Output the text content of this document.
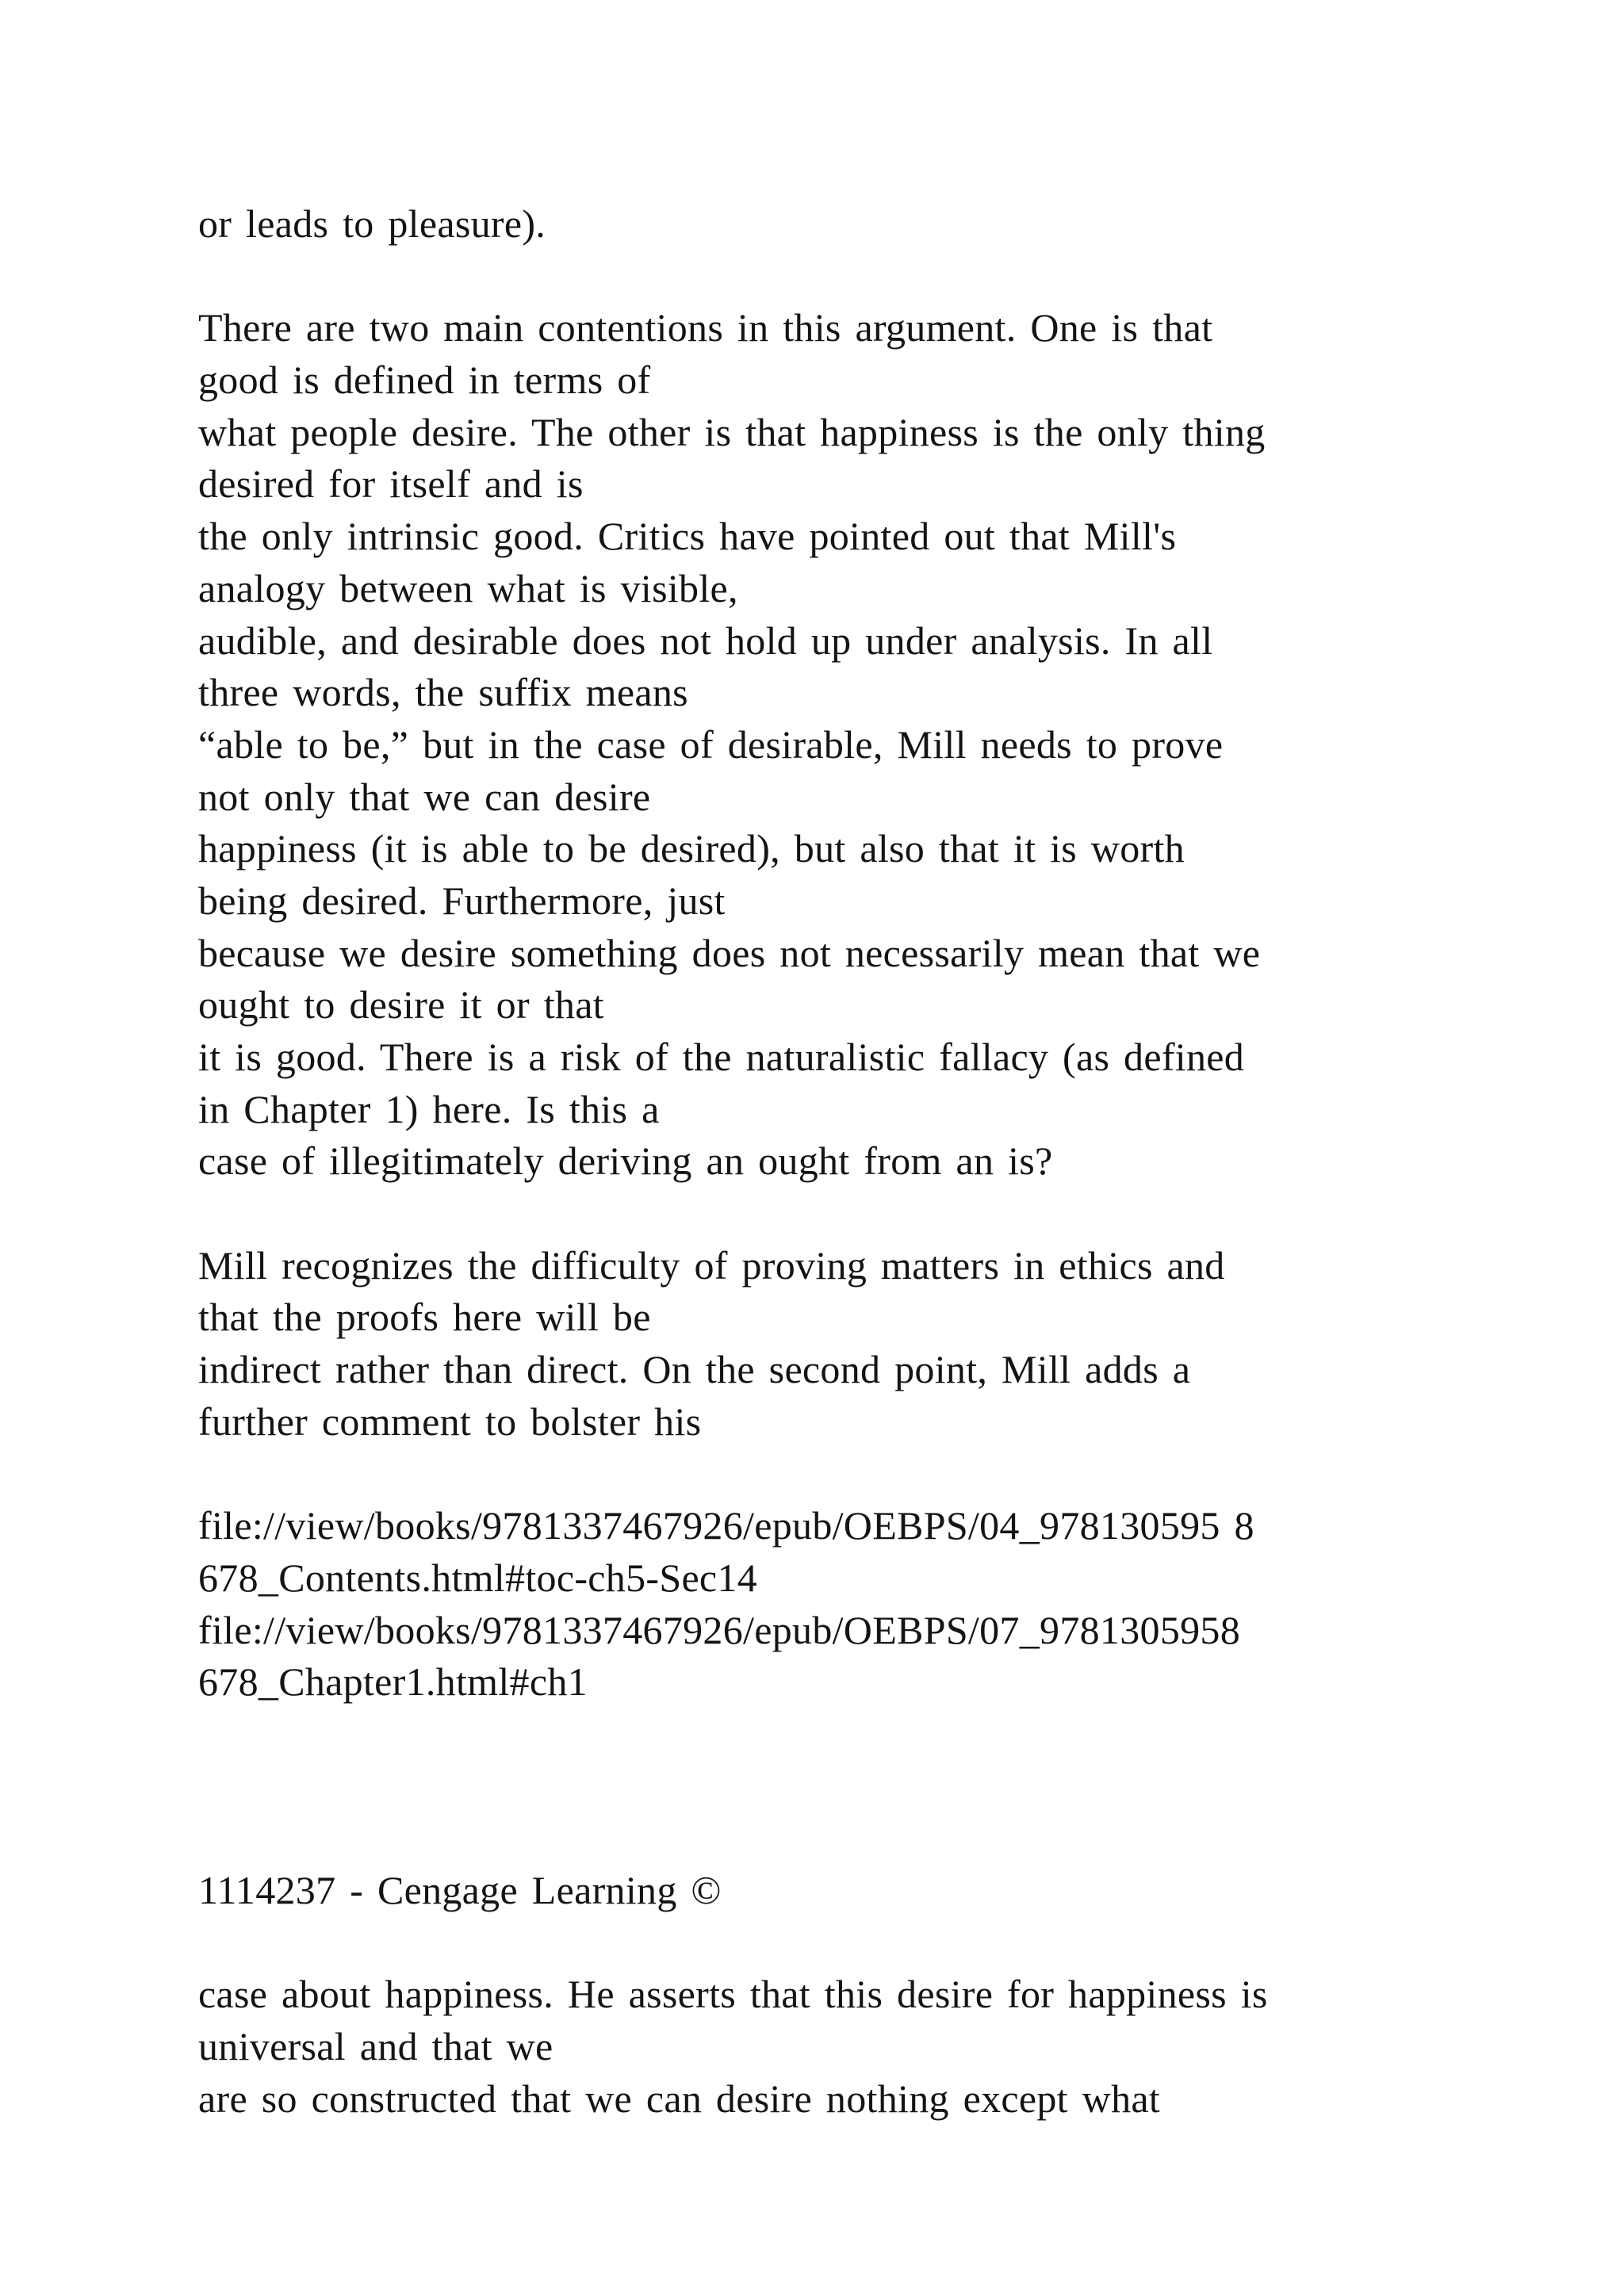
or leads to pleasure).
There are two main contentions in this argument. One is that
good is defined in terms of
what people desire. The other is that happiness is the only thing
desired for itself and is
the only intrinsic good. Critics have pointed out that Mill's
analogy between what is visible,
audible, and desirable does not hold up under analysis. In all
three words, the suffix means
“able to be,” but in the case of desirable, Mill needs to prove
not only that we can desire
happiness (it is able to be desired), but also that it is worth
being desired. Furthermore, just
because we desire something does not necessarily mean that we
ought to desire it or that
it is good. There is a risk of the naturalistic fallacy (as defined
in Chapter 1) here. Is this a
case of illegitimately deriving an ought from an is?
Mill recognizes the difficulty of proving matters in ethics and
that the proofs here will be
indirect rather than direct. On the second point, Mill adds a
further comment to bolster his
file://view/books/9781337467926/epub/OEBPS/04_978130595 8
678_Contents.html#toc-ch5-Sec14
file://view/books/9781337467926/epub/OEBPS/07_9781305958
678_Chapter1.html#ch1
1114237 - Cengage Learning ©
case about happiness. He asserts that this desire for happiness is
universal and that we
are so constructed that we can desire nothing except what
